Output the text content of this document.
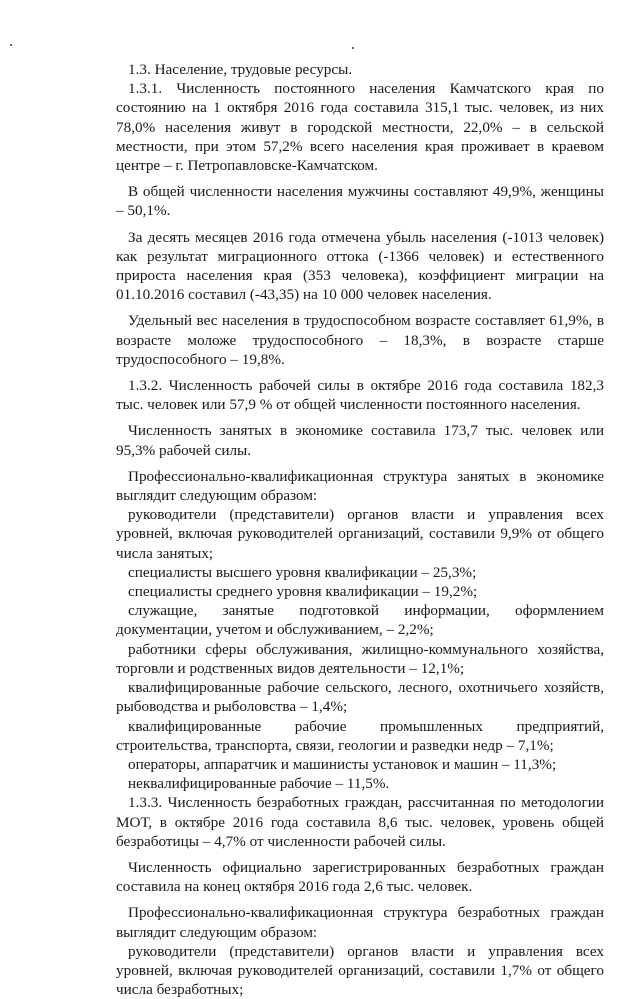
1.3. Население, трудовые ресурсы.

1.3.1. Численность постоянного населения Камчатского края по состоянию на 1 октября 2016 года составила 315,1 тыс. человек, из них 78,0% населения живут в городской местности, 22,0% – в сельской местности, при этом 57,2% всего населения края проживает в краевом центре – г. Петропавловске-Камчатском.

В общей численности населения мужчины составляют 49,9%, женщины – 50,1%.

За десять месяцев 2016 года отмечена убыль населения (-1013 человек) как результат миграционного оттока (-1366 человек) и естественного прироста населения края (353 человека), коэффициент миграции на 01.10.2016 составил (-43,35) на 10 000 человек населения.

Удельный вес населения в трудоспособном возрасте составляет 61,9%, в возрасте моложе трудоспособного – 18,3%, в возрасте старше трудоспособного – 19,8%.

1.3.2. Численность рабочей силы в октябре 2016 года составила 182,3 тыс. человек или 57,9 % от общей численности постоянного населения.

Численность занятых в экономике составила 173,7 тыс. человек или 95,3% рабочей силы.

Профессионально-квалификационная структура занятых в экономике выглядит следующим образом:

руководители (представители) органов власти и управления всех уровней, включая руководителей организаций, составили 9,9% от общего числа занятых;

специалисты высшего уровня квалификации – 25,3%;

специалисты среднего уровня квалификации – 19,2%;

служащие, занятые подготовкой информации, оформлением документации, учетом и обслуживанием, – 2,2%;

работники сферы обслуживания, жилищно-коммунального хозяйства, торговли и родственных видов деятельности – 12,1%;

квалифицированные рабочие сельского, лесного, охотничьего хозяйств, рыбоводства и рыболовства – 1,4%;

квалифицированные рабочие промышленных предприятий, строительства, транспорта, связи, геологии и разведки недр – 7,1%;

операторы, аппаратчик и машинисты установок и машин – 11,3%;

неквалифицированные рабочие – 11,5%.

1.3.3. Численность безработных граждан, рассчитанная по методологии МОТ, в октябре 2016 года составила 8,6 тыс. человек, уровень общей безработицы – 4,7% от численности рабочей силы.

Численность официально зарегистрированных безработных граждан составила на конец октября 2016 года 2,6 тыс. человек.

Профессионально-квалификационная структура безработных граждан выглядит следующим образом:

руководители (представители) органов власти и управления всех уровней, включая руководителей организаций, составили 1,7% от общего числа безработных;
